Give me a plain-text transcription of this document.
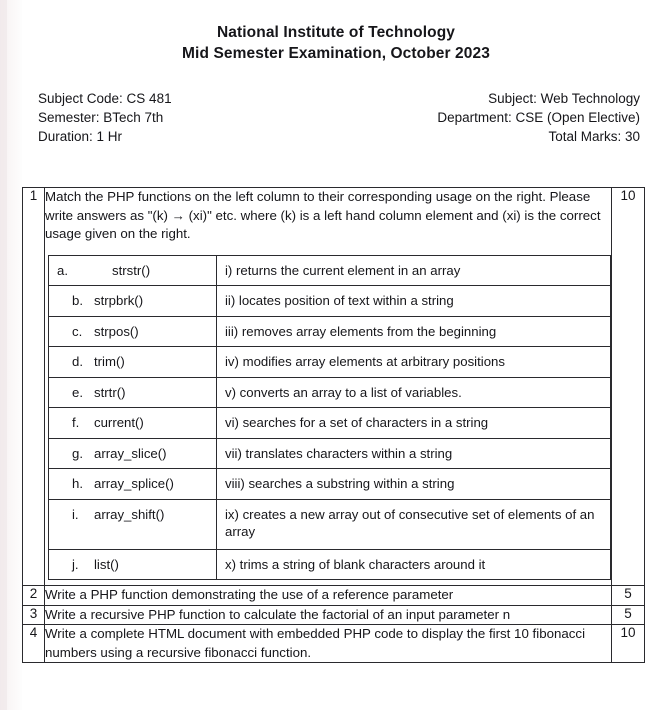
National Institute of Technology
Mid Semester Examination, October 2023
Subject Code: CS 481
Semester: BTech 7th
Duration: 1 Hr
Subject: Web Technology
Department: CSE (Open Elective)
Total Marks: 30
1	Match the PHP functions on the left column to their corresponding usage on the right. Please write answers as "(k) → (xi)" etc. where (k) is a left hand column element and (xi) is the correct usage given on the right.
a.	strstr()	i) returns the current element in an array

b. strpbrk()	ii) locates position of text within a string

c. strpos()	iii) removes array elements from the beginning

d. trim()	iv) modifies array elements at arbitrary positions

e. strtr()	v) converts an array to a list of variables.

f.	current()	vi) searches for a set of characters in a string

g. array_slice()	vii) translates characters within a string

h. array_splice()	viii) searches a substring within a string

i.	array_shift()	ix) creates a new array out of consecutive set of elements of an array

j.	list()	x) trims a string of blank characters around it
	10
2	Write a PHP function demonstrating the use of a reference parameter	5
3	Write a recursive PHP function to calculate the factorial of an input parameter n	5
4	Write a complete HTML document with embedded PHP code to display the first 10 fibonacci numbers using a recursive fibonacci function.
	10
